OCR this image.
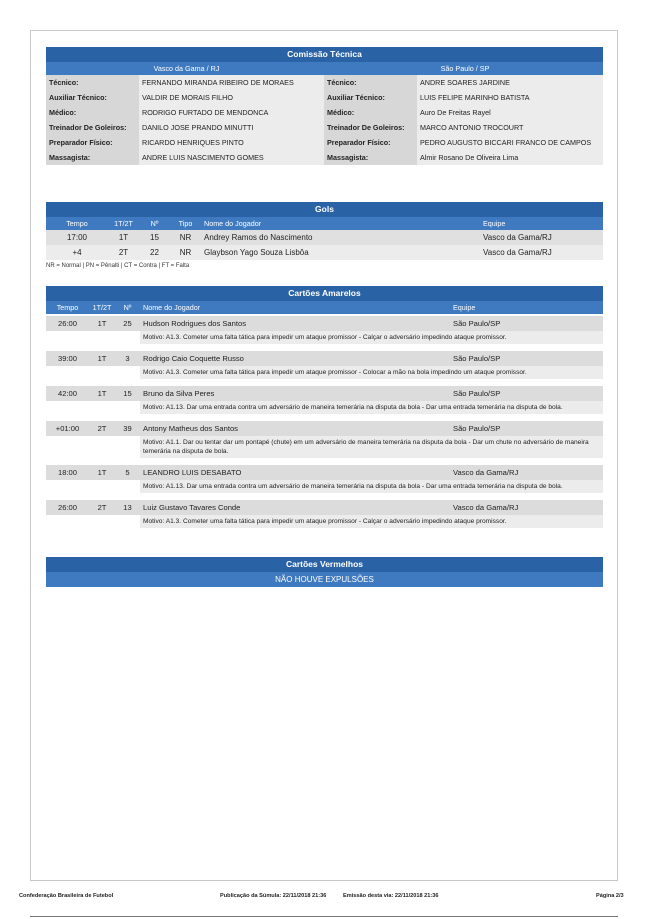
Comissão Técnica
Vasco da Gama / RJ	São Paulo / SP
Técnico:	FERNANDO MIRANDA RIBEIRO DE MORAES	Técnico:	ANDRE SOARES JARDINE
Auxiliar Técnico:	VALDIR DE MORAIS FILHO	Auxiliar Técnico:	LUIS FELIPE MARINHO BATISTA
Médico:	RODRIGO FURTADO DE MENDONCA	Médico:	Auro De Freitas Rayel
Treinador De Goleiros:	DANILO JOSE PRANDO MINUTTI	Treinador De Goleiros:	MARCO ANTONIO TROCOURT
Preparador Físico:	RICARDO HENRIQUES PINTO	Preparador Físico:	PEDRO AUGUSTO BICCARI FRANCO DE CAMPOS
Massagista:	ANDRE LUIS NASCIMENTO GOMES	Massagista:	Almir Rosano De Oliveira Lima
Gols
Tempo	1T/2T	Nº	Tipo	Nome do Jogador	Equipe
17:00	1T	15	NR	Andrey Ramos do Nascimento	Vasco da Gama/RJ
+4	2T	22	NR	Glaybson Yago Souza Lisbôa	Vasco da Gama/RJ
NR = Normal | PN = Pênalti | CT = Contra | FT = Falta
Cartões Amarelos
Tempo	1T/2T	Nº	Nome do Jogador	Equipe
26:00	1T	25	Hudson Rodrigues dos Santos	São Paulo/SP
Motivo: A1.3. Cometer uma falta tática para impedir um ataque promissor - Calçar o adversário impedindo ataque promissor.
39:00	1T	3	Rodrigo Caio Coquette Russo	São Paulo/SP
Motivo: A1.3. Cometer uma falta tática para impedir um ataque promissor - Colocar a mão na bola impedindo um ataque promissor.
42:00	1T	15	Bruno da Silva Peres	São Paulo/SP
Motivo: A1.13. Dar uma entrada contra um adversário de maneira temerária na disputa da bola - Dar uma entrada temerária na disputa de bola.
+01:00	2T	39	Antony Matheus dos Santos	São Paulo/SP
Motivo: A1.1. Dar ou tentar dar um pontapé (chute) em um adversário de maneira temerária na disputa da bola - Dar um chute no adversário de maneira temerária na disputa de bola.
18:00	1T	5	LEANDRO LUIS DESABATO	Vasco da Gama/RJ
Motivo: A1.13. Dar uma entrada contra um adversário de maneira temerária na disputa da bola - Dar uma entrada temerária na disputa de bola.
26:00	2T	13	Luiz Gustavo Tavares Conde	Vasco da Gama/RJ
Motivo: A1.3. Cometer uma falta tática para impedir um ataque promissor - Calçar o adversário impedindo ataque promissor.
Cartões Vermelhos
NÃO HOUVE EXPULSÕES
Confederação Brasileira de Futebol	Publicação da Súmula: 22/11/2018 21:36	Emissão desta via: 22/11/2018 21:36	Página 2/3
